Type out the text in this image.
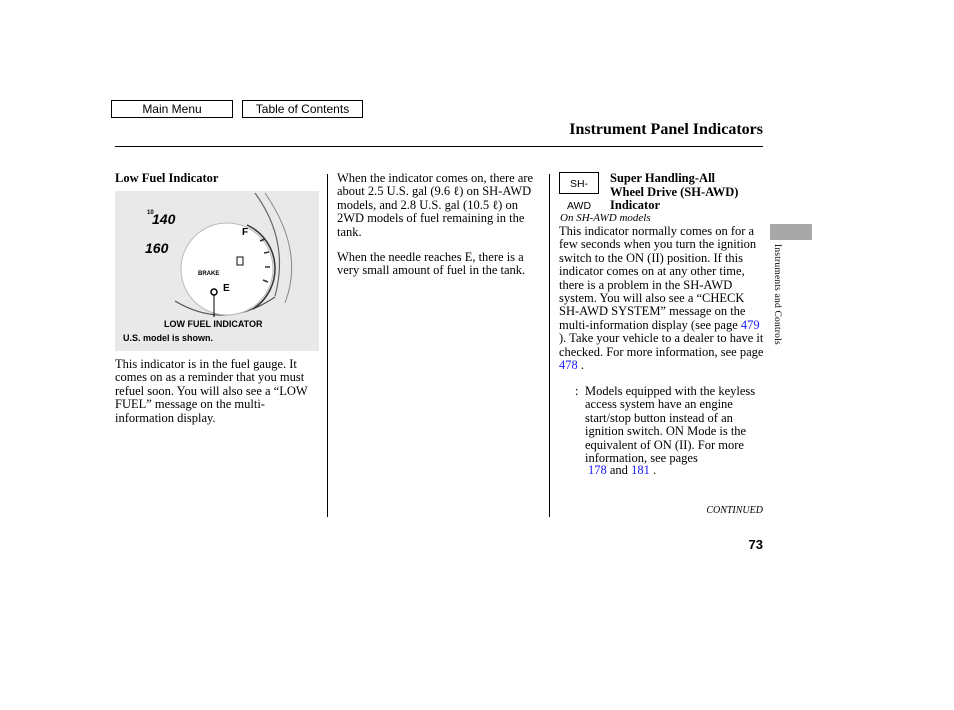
Main Menu	Table of Contents
Instrument Panel Indicators
Low Fuel Indicator
10
140
160
F
E
BRAKE
LOW FUEL INDICATOR
U.S. model is shown.
This indicator is in the fuel gauge. It comes on as a reminder that you must refuel soon. You will also see a “LOW FUEL” message on the multi-information display.
When the indicator comes on, there are about 2.5 U.S. gal (9.6 ℓ) on SH-AWD models, and 2.8 U.S. gal (10.5 ℓ) on 2WD models of fuel remaining in the tank.
When the needle reaches E, there is a very small amount of fuel in the tank.
SH-AWD
Super Handling-All
Wheel Drive (SH-AWD)
Indicator
On SH-AWD models
This indicator normally comes on for a few seconds when you turn the ignition switch to the ON (II) position. If this indicator comes on at any other time, there is a problem in the SH-AWD system. You will also see a “CHECK SH-AWD SYSTEM” message on the multi-information display (see page 479 ). Take your vehicle to a dealer to have it checked. For more information, see page 478 .
: Models equipped with the keyless access system have an engine start/stop button instead of an ignition switch. ON Mode is the equivalent of ON (II). For more information, see pages
178 and 181 .
Instruments and Controls
CONTINUED
73
